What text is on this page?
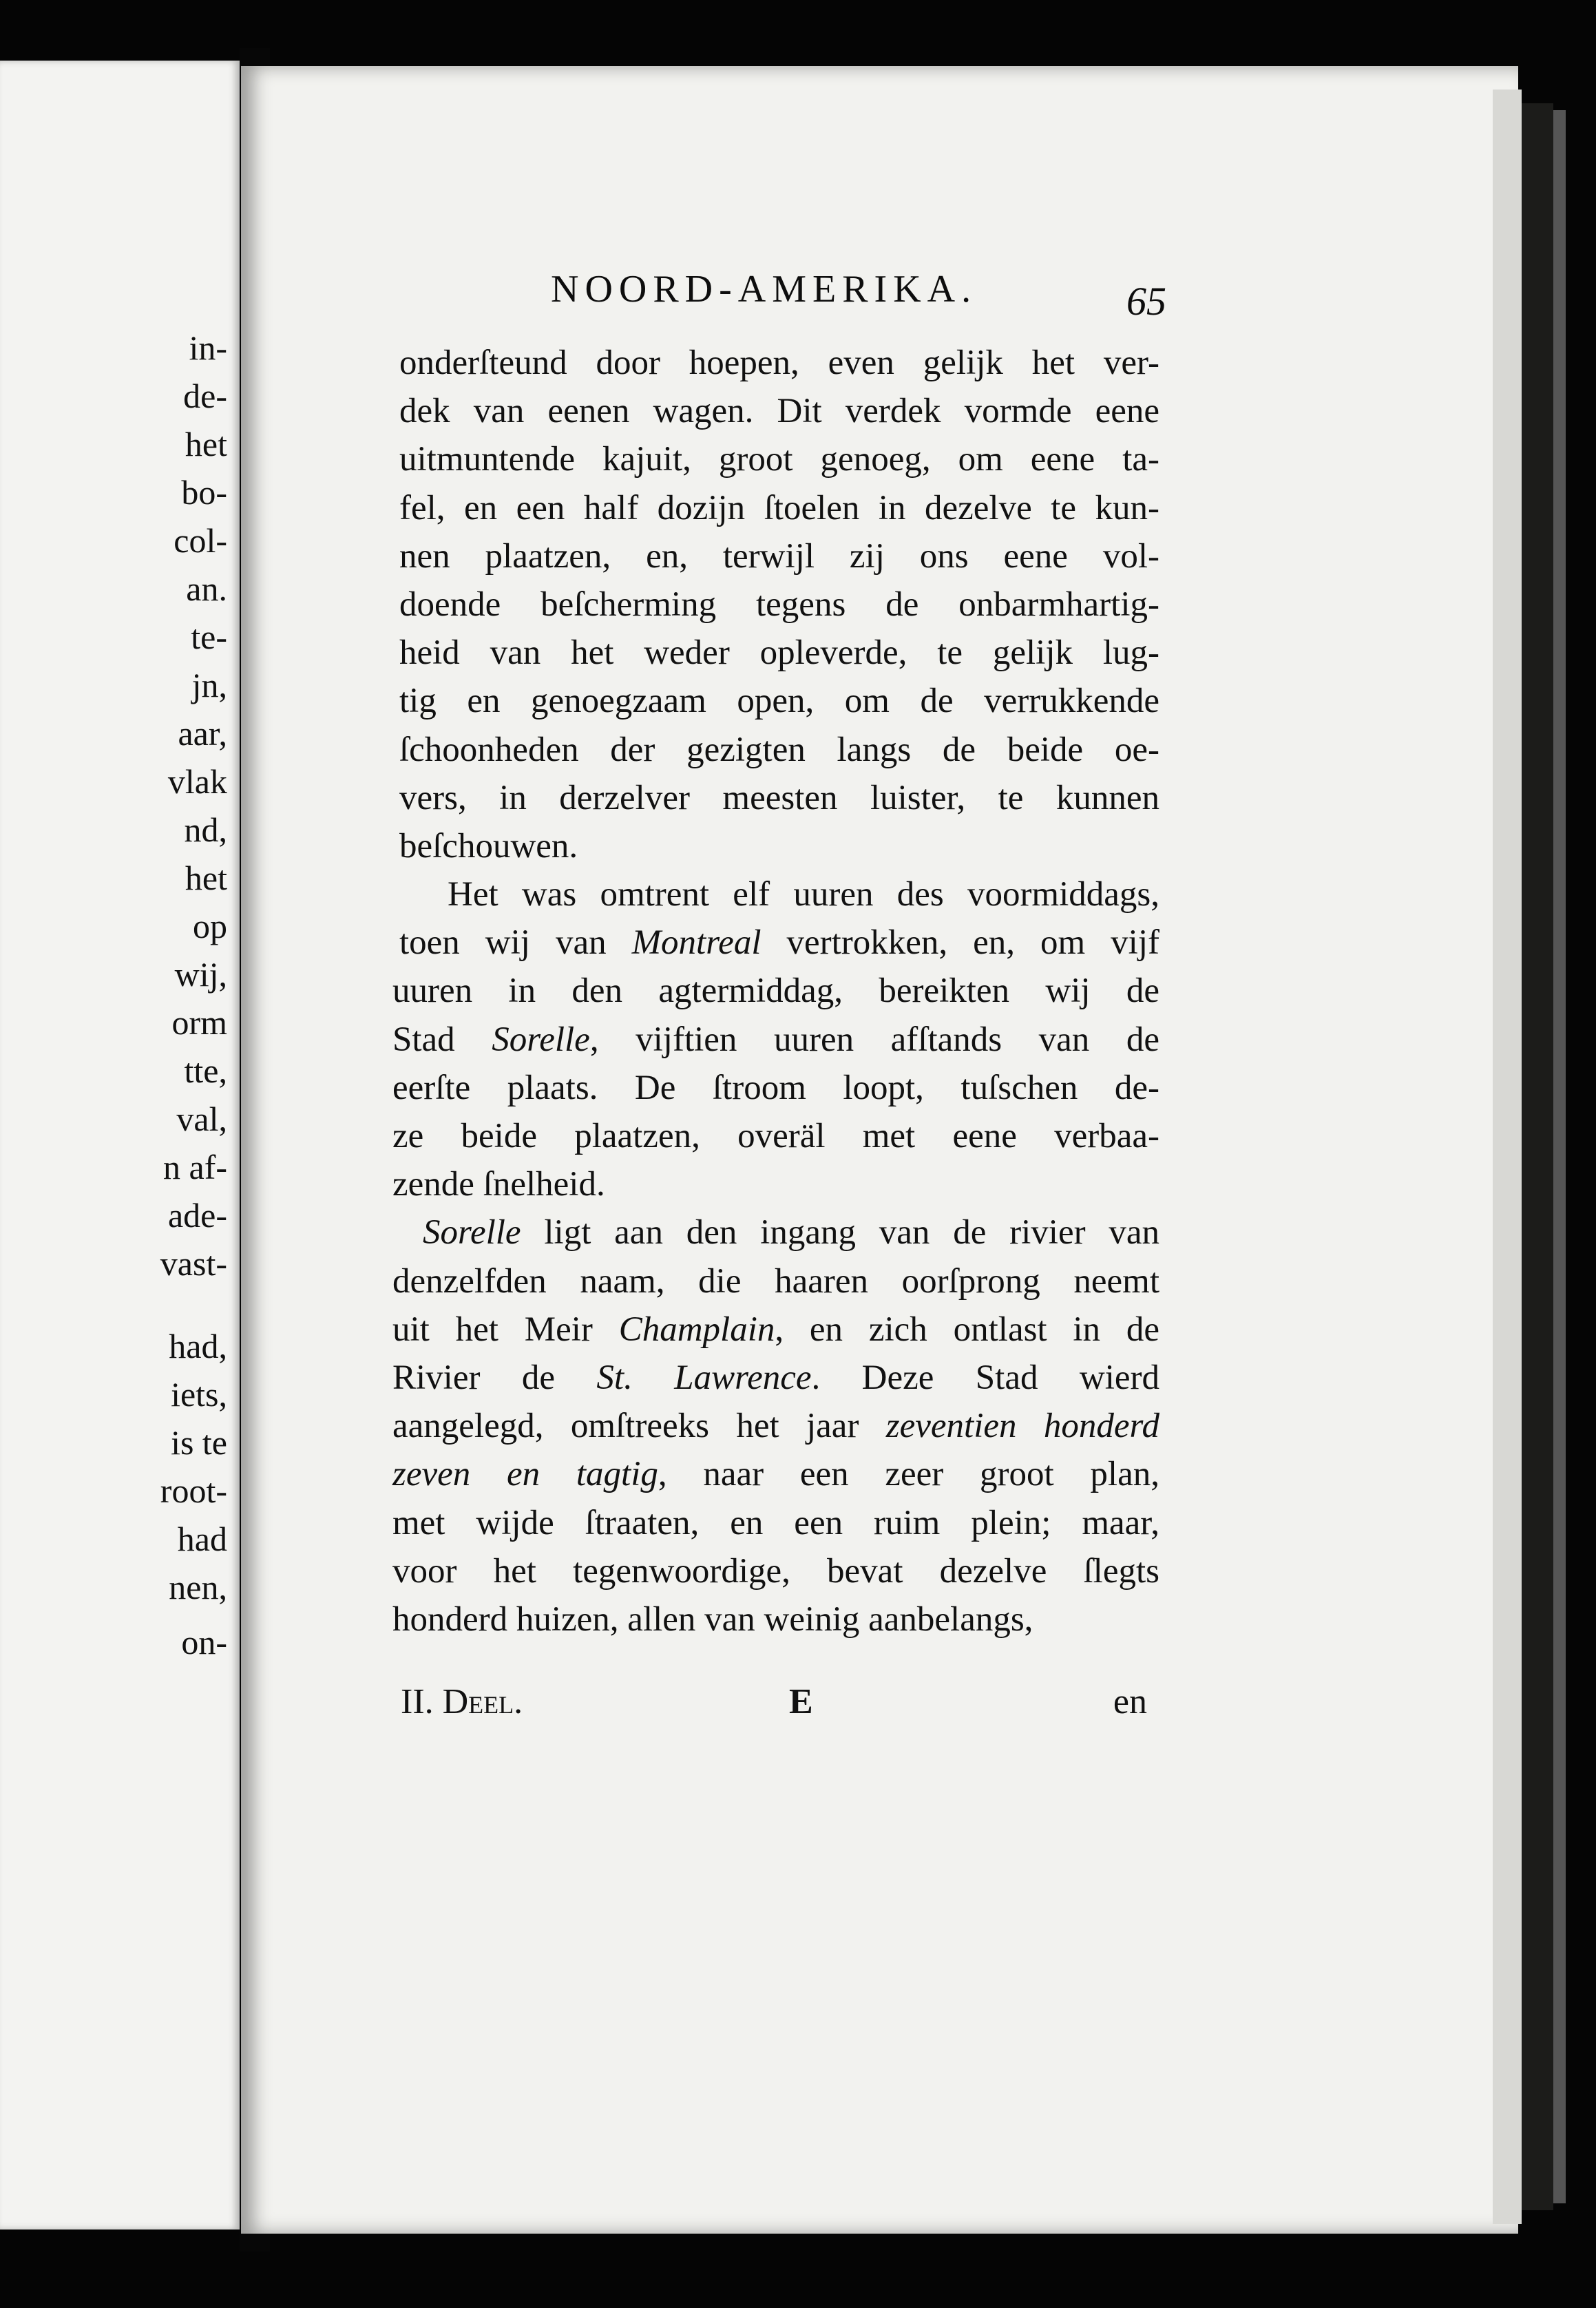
in-
de-
het
bo-
col-
an.
te-
jn,
aar,
vlak
nd,
het
op
wij,
orm
tte,
val,
n af-
ade-
vast-
had,
iets,
is te
root-
had
nen,
on-
NOORD-AMERIKA.	65
onderſteund door hoepen, even gelijk het ver-
dek van eenen wagen. Dit verdek vormde eene
uitmuntende kajuit, groot genoeg, om eene ta-
fel, en een half dozijn ſtoelen in dezelve te kun-
nen plaatzen, en, terwijl zij ons eene vol-
doende beſcherming tegens de onbarmhartig-
heid van het weder opleverde, te gelijk lug-
tig en genoegzaam open, om de verrukkende
ſchoonheden der gezigten langs de beide oe-
vers, in derzelver meesten luister, te kunnen
beſchouwen.
Het was omtrent elf uuren des voormiddags,
toen wij van Montreal vertrokken, en, om vijf
uuren in den agtermiddag, bereikten wij de
Stad Sorelle, vijftien uuren afſtands van de
eerſte plaats. De ſtroom loopt, tuſschen de-
ze beide plaatzen, overäl met eene verbaa-
zende ſnelheid.
Sorelle ligt aan den ingang van de rivier van
denzelfden naam, die haaren oorſprong neemt
uit het Meir Champlain, en zich ontlast in de
Rivier de St. Lawrence. Deze Stad wierd
aangelegd, omſtreeks het jaar zeventien honderd
zeven en tagtig, naar een zeer groot plan,
met wijde ſtraaten, en een ruim plein; maar,
voor het tegenwoordige, bevat dezelve ſlegts
honderd huizen, allen van weinig aanbelangs,
II. Deel.	E	en
